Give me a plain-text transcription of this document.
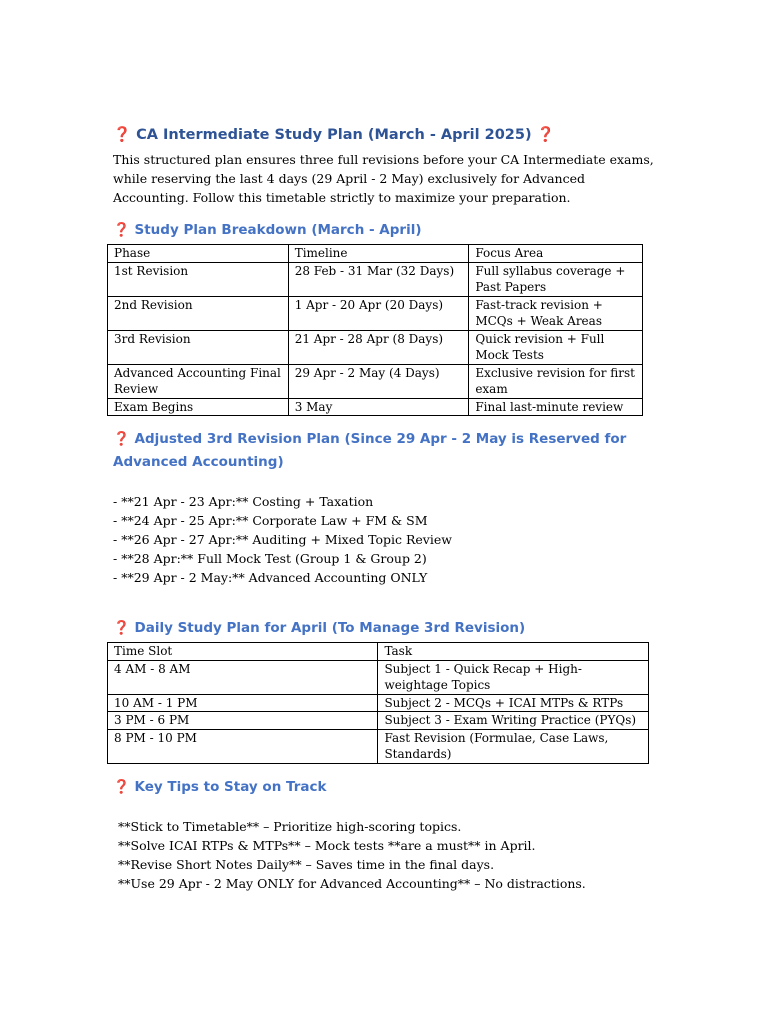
❓ CA Intermediate Study Plan (March - April 2025) ❓

This structured plan ensures three full revisions before your CA Intermediate exams, while reserving the last 4 days (29 April - 2 May) exclusively for Advanced Accounting. Follow this timetable strictly to maximize your preparation.

❓ Study Plan Breakdown (March - April)
Phase	Timeline	Focus Area
1st Revision	28 Feb - 31 Mar (32 Days)	Full syllabus coverage + Past Papers
2nd Revision	1 Apr - 20 Apr (20 Days)	Fast-track revision + MCQs + Weak Areas
3rd Revision	21 Apr - 28 Apr (8 Days)	Quick revision + Full Mock Tests
Advanced Accounting Final Review	29 Apr - 2 May (4 Days)	Exclusive revision for first exam
Exam Begins	3 May	Final last-minute review
❓ Adjusted 3rd Revision Plan (Since 29 Apr - 2 May is Reserved for Advanced Accounting)
- **21 Apr - 23 Apr:** Costing + Taxation
- **24 Apr - 25 Apr:** Corporate Law + FM & SM
- **26 Apr - 27 Apr:** Auditing + Mixed Topic Review
- **28 Apr:** Full Mock Test (Group 1 & Group 2)
- **29 Apr - 2 May:** Advanced Accounting ONLY
❓ Daily Study Plan for April (To Manage 3rd Revision)
Time Slot	Task
4 AM - 8 AM	Subject 1 - Quick Recap + High-weightage Topics
10 AM - 1 PM	Subject 2 - MCQs + ICAI MTPs & RTPs
3 PM - 6 PM	Subject 3 - Exam Writing Practice (PYQs)
8 PM - 10 PM	Fast Revision (Formulae, Case Laws, Standards)
❓ Key Tips to Stay on Track
**Stick to Timetable** – Prioritize high-scoring topics.
**Solve ICAI RTPs & MTPs** – Mock tests **are a must** in April.
**Revise Short Notes Daily** – Saves time in the final days.
**Use 29 Apr - 2 May ONLY for Advanced Accounting** – No distractions.
